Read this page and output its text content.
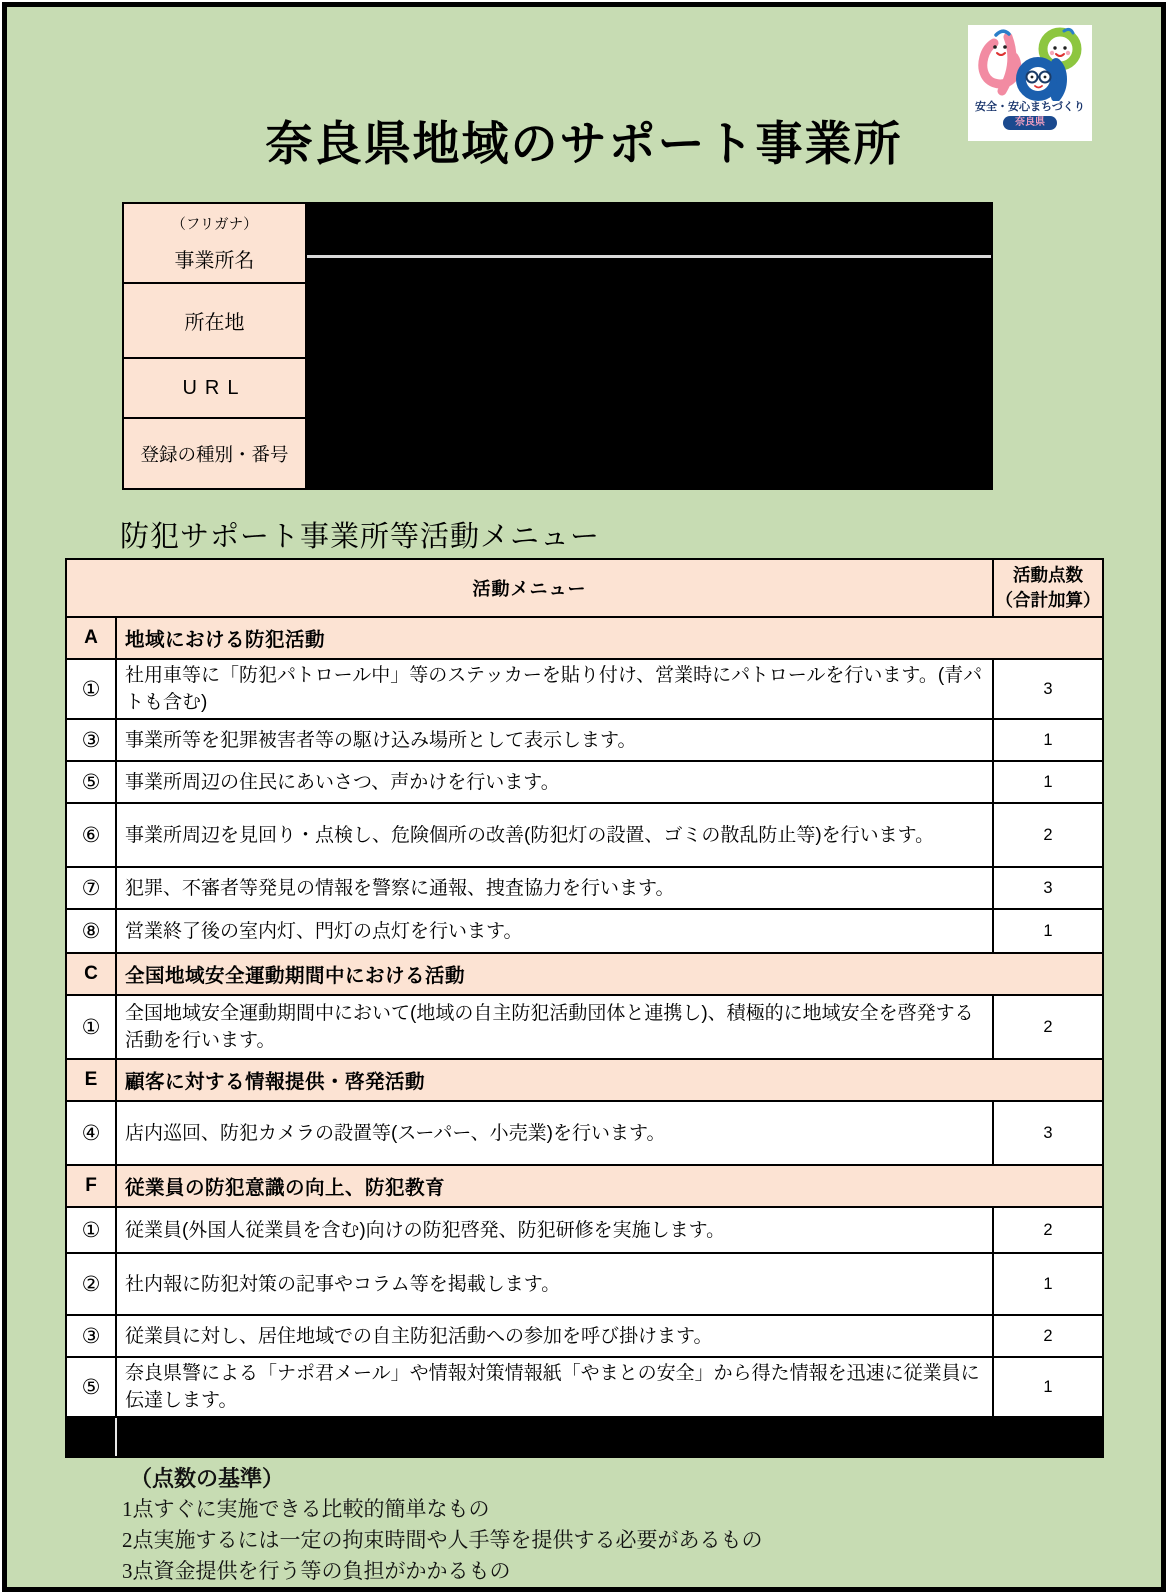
安全・安心まちづくり
奈良県
奈良県地域のサポート事業所
（フリガナ）
事業所名	

所在地	
URL	
登録の種別・番号	
防犯サポート事業所等活動メニュー
活動メニュー		活動点数
（合計加算）

A	地域における防犯活動	
①	社用車等に「防犯パトロール中」等のステッカーを貼り付け、営業時にパトロールを行います。(青パトも含む)	3
③	事業所等を犯罪被害者等の駆け込み場所として表示します。	1
⑤	事業所周辺の住民にあいさつ、声かけを行います。	1
⑥	事業所周辺を見回り・点検し、危険個所の改善(防犯灯の設置、ゴミの散乱防止等)を行います。	2
⑦	犯罪、不審者等発見の情報を警察に通報、捜査協力を行います。	3
⑧	営業終了後の室内灯、門灯の点灯を行います。	1
C	全国地域安全運動期間中における活動	
①	全国地域安全運動期間中において(地域の自主防犯活動団体と連携し)、積極的に地域安全を啓発する活動を行います。	2
E	顧客に対する情報提供・啓発活動	
④	店内巡回、防犯カメラの設置等(スーパー、小売業)を行います。	3
F	従業員の防犯意識の向上、防犯教育	
①	従業員(外国人従業員を含む)向けの防犯啓発、防犯研修を実施します。	2
②	社内報に防犯対策の記事やコラム等を掲載します。	1
③	従業員に対し、居住地域での自主防犯活動への参加を呼び掛けます。	2
⑤	奈良県警による「ナポ君メール」や情報対策情報紙「やまとの安全」から得た情報を迅速に従業員に伝達します。	1

（点数の基準）
1点すぐに実施できる比較的簡単なもの
2点実施するには一定の拘束時間や人手等を提供する必要があるもの
3点資金提供を行う等の負担がかかるもの
